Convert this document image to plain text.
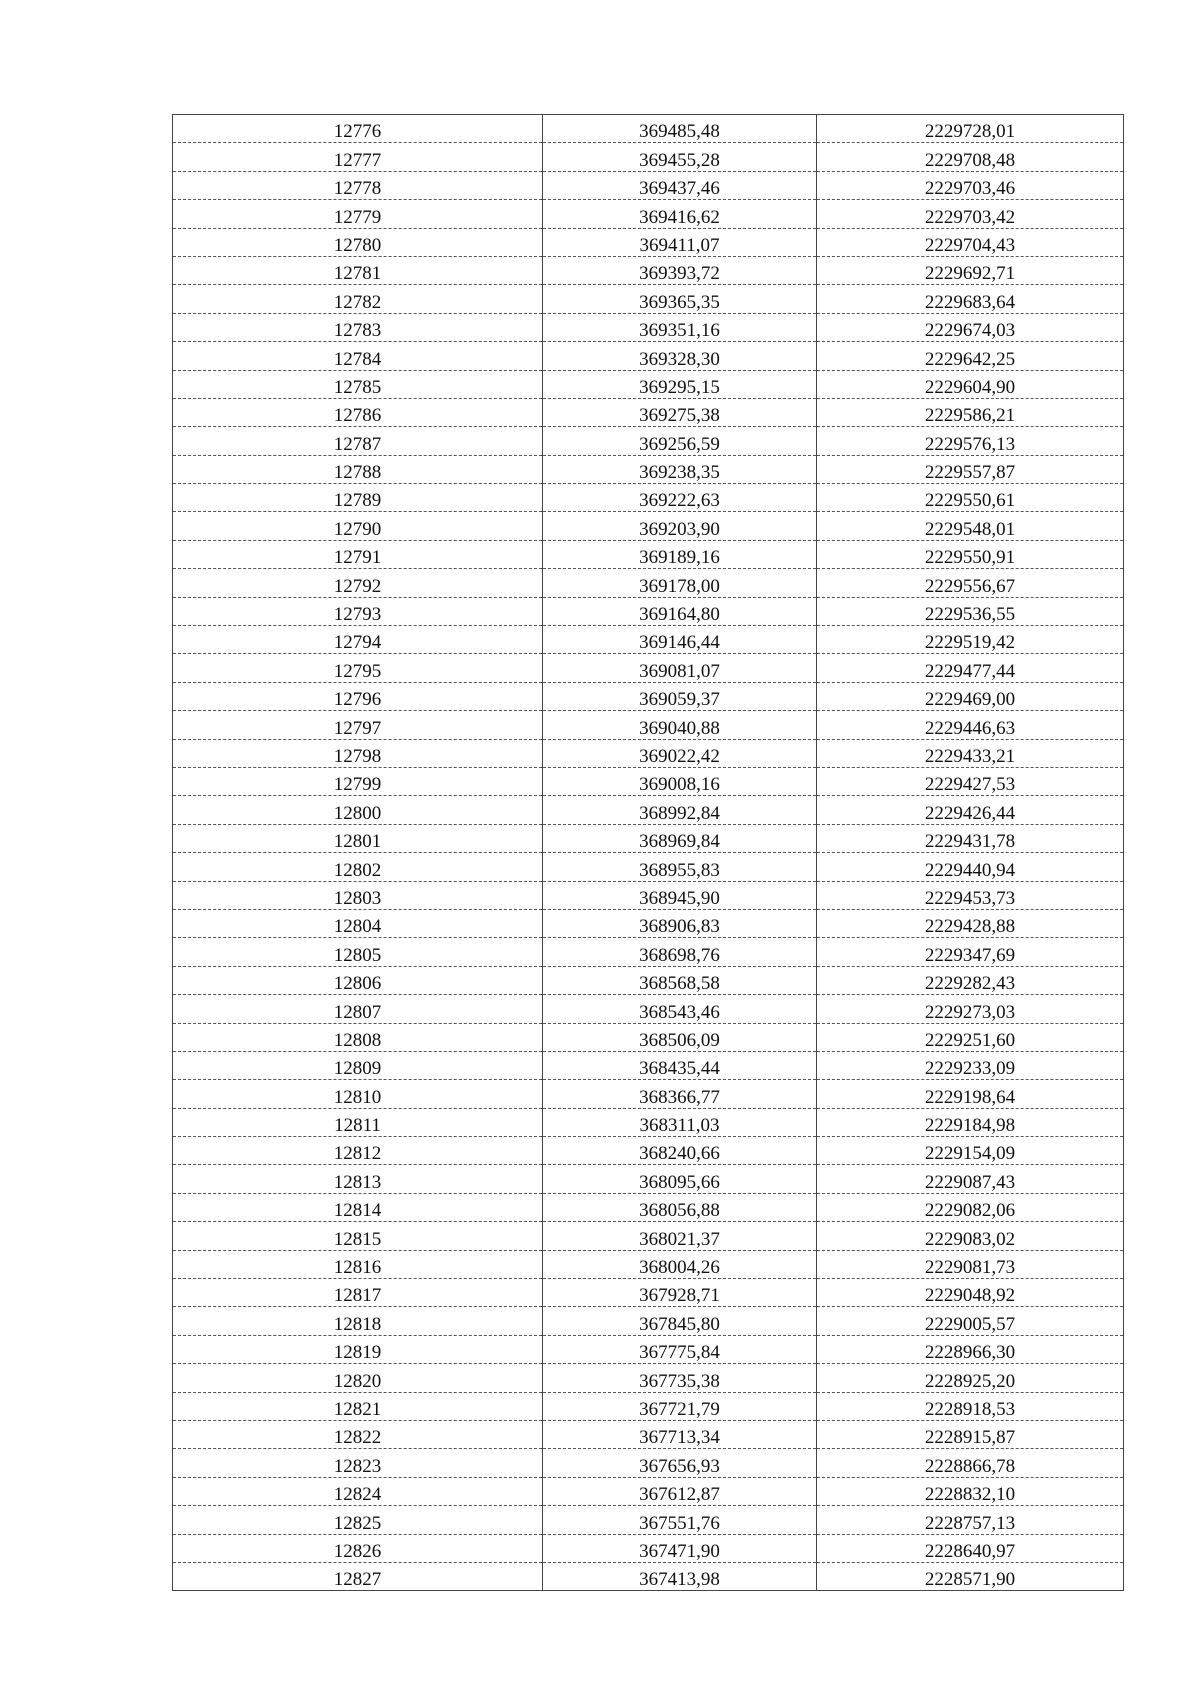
12776	369485,48	2229728,01
12777	369455,28	2229708,48
12778	369437,46	2229703,46
12779	369416,62	2229703,42
12780	369411,07	2229704,43
12781	369393,72	2229692,71
12782	369365,35	2229683,64
12783	369351,16	2229674,03
12784	369328,30	2229642,25
12785	369295,15	2229604,90
12786	369275,38	2229586,21
12787	369256,59	2229576,13
12788	369238,35	2229557,87
12789	369222,63	2229550,61
12790	369203,90	2229548,01
12791	369189,16	2229550,91
12792	369178,00	2229556,67
12793	369164,80	2229536,55
12794	369146,44	2229519,42
12795	369081,07	2229477,44
12796	369059,37	2229469,00
12797	369040,88	2229446,63
12798	369022,42	2229433,21
12799	369008,16	2229427,53
12800	368992,84	2229426,44
12801	368969,84	2229431,78
12802	368955,83	2229440,94
12803	368945,90	2229453,73
12804	368906,83	2229428,88
12805	368698,76	2229347,69
12806	368568,58	2229282,43
12807	368543,46	2229273,03
12808	368506,09	2229251,60
12809	368435,44	2229233,09
12810	368366,77	2229198,64
12811	368311,03	2229184,98
12812	368240,66	2229154,09
12813	368095,66	2229087,43
12814	368056,88	2229082,06
12815	368021,37	2229083,02
12816	368004,26	2229081,73
12817	367928,71	2229048,92
12818	367845,80	2229005,57
12819	367775,84	2228966,30
12820	367735,38	2228925,20
12821	367721,79	2228918,53
12822	367713,34	2228915,87
12823	367656,93	2228866,78
12824	367612,87	2228832,10
12825	367551,76	2228757,13
12826	367471,90	2228640,97
12827	367413,98	2228571,90
